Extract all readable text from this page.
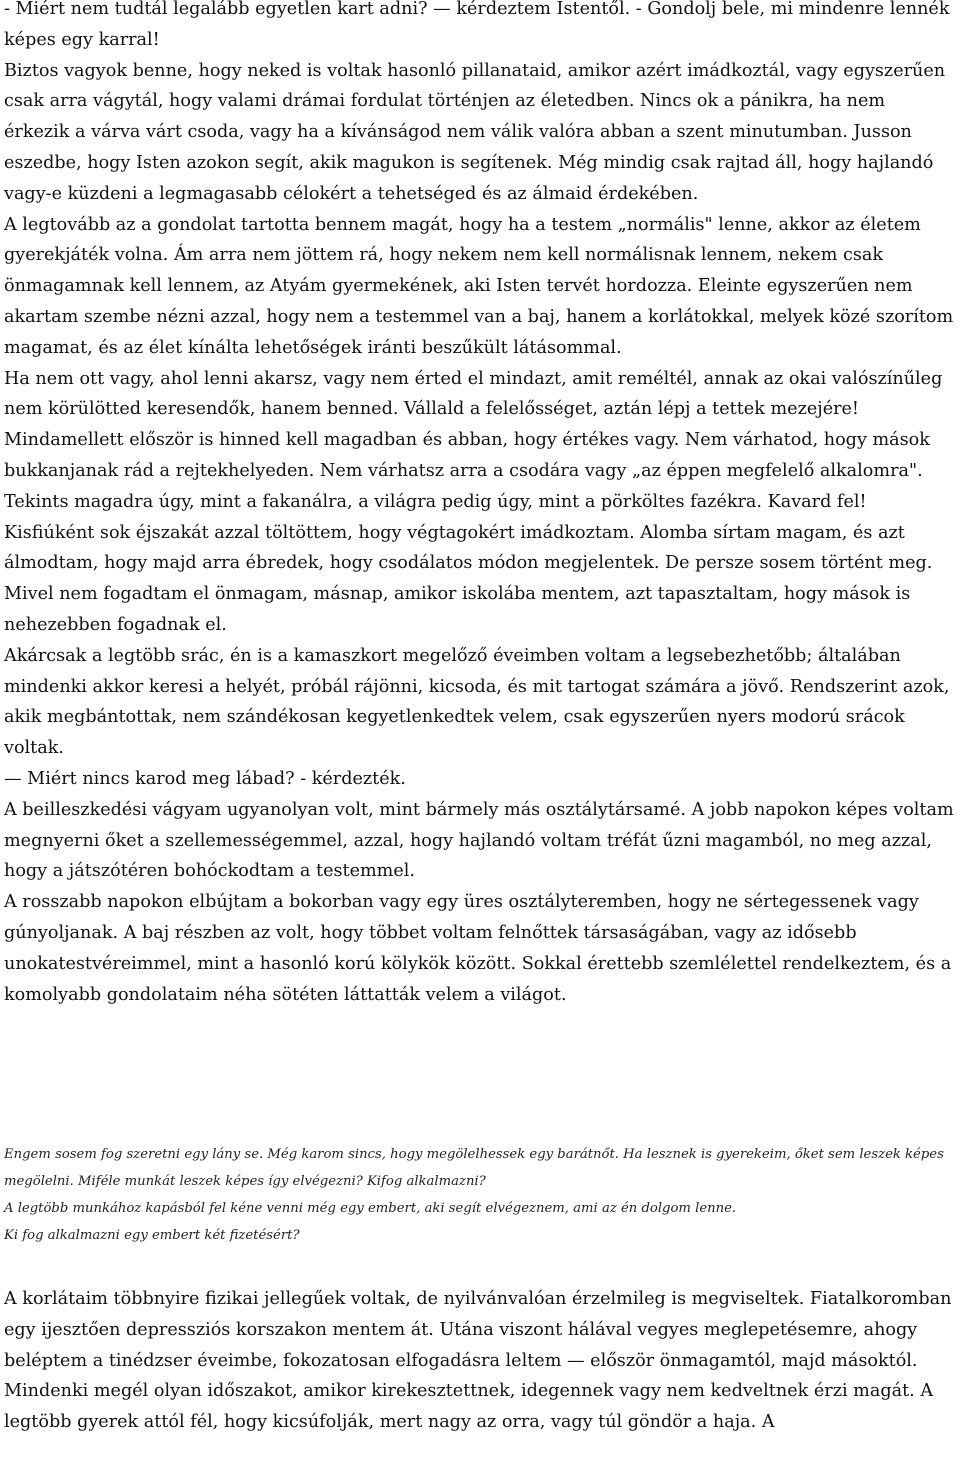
- Miért nem tudtál legalább egyetlen kart adni? — kérdeztem Istentől. - Gondolj bele, mi mindenre lennék képes egy karral!

Biztos vagyok benne, hogy neked is voltak hasonló pillanataid, amikor azért imádkoztál, vagy egyszerűen csak arra vágytál, hogy valami drámai fordulat történjen az életedben. Nincs ok a pánikra, ha nem érkezik a várva várt csoda, vagy ha a kívánságod nem válik valóra abban a szent minutumban. Jusson eszedbe, hogy Isten azokon segít, akik magukon is segítenek. Még mindig csak rajtad áll, hogy hajlandó vagy-e küzdeni a legmagasabb célokért a tehetséged és az álmaid érdekében.

A legtovább az a gondolat tartotta bennem magát, hogy ha a testem „normális" lenne, akkor az életem gyerekjáték volna. Ám arra nem jöttem rá, hogy nekem nem kell normálisnak lennem, nekem csak önmagamnak kell lennem, az Atyám gyermekének, aki Isten tervét hordozza. Eleinte egyszerűen nem akartam szembe nézni azzal, hogy nem a testemmel van a baj, hanem a korlátokkal, melyek közé szorítom magamat, és az élet kínálta lehetőségek iránti beszűkült látásommal.

Ha nem ott vagy, ahol lenni akarsz, vagy nem érted el mindazt, amit reméltél, annak az okai valószínűleg nem körülötted keresendők, hanem benned. Vállald a felelősséget, aztán lépj a tettek mezejére! Mindamellett először is hinned kell magadban és abban, hogy értékes vagy. Nem várhatod, hogy mások bukkanjanak rád a rejtekhelyeden. Nem várhatsz arra a csodára vagy „az éppen megfelelő alkalomra". Tekints magadra úgy, mint a fakanálra, a világra pedig úgy, mint a pörköltes fazékra. Kavard fel!

Kisfiúként sok éjszakát azzal töltöttem, hogy végtagokért imádkoztam. Alomba sírtam magam, és azt álmodtam, hogy majd arra ébredek, hogy csodálatos módon megjelentek. De persze sosem történt meg. Mivel nem fogadtam el önmagam, másnap, amikor iskolába mentem, azt tapasztaltam, hogy mások is nehezebben fogadnak el.

Akárcsak a legtöbb srác, én is a kamaszkort megelőző éveimben voltam a legsebezhetőbb; általában mindenki akkor keresi a helyét, próbál rájönni, kicsoda, és mit tartogat számára a jövő. Rendszerint azok, akik megbántottak, nem szándékosan kegyetlenkedtek velem, csak egyszerűen nyers modorú srácok voltak.

— Miért nincs karod meg lábad? - kérdezték.

A beilleszkedési vágyam ugyanolyan volt, mint bármely más osztálytársamé. A jobb napokon képes voltam megnyerni őket a szellemességemmel, azzal, hogy hajlandó voltam tréfát űzni magamból, no meg azzal, hogy a játszótéren bohóckodtam a testemmel.

A rosszabb napokon elbújtam a bokorban vagy egy üres osztályteremben, hogy ne sértegessenek vagy gúnyoljanak. A baj részben az volt, hogy többet voltam felnőttek társaságában, vagy az idősebb unokatestvéreimmel, mint a hasonló korú kölykök között. Sokkal érettebb szemlélettel rendelkeztem, és a komolyabb gondolataim néha sötéten láttatták velem a világot.

Engem sosem fog szeretni egy lány se. Még karom sincs, hogy megölelhessek egy barátnőt. Ha lesznek is gyerekeim, őket sem leszek képes megölelni. Miféle munkát leszek képes így elvégezni? Kifog alkalmazni?

A legtöbb munkához kapásból fel kéne venni még egy embert, aki segít elvégeznem, ami az én dolgom lenne.

Ki fog alkalmazni egy embert két fizetésért?

A korlátaim többnyire fizikai jellegűek voltak, de nyilvánvalóan érzelmileg is megviseltek. Fiatalkoromban egy ijesztően depressziós korszakon mentem át. Utána viszont hálával vegyes meglepetésemre, ahogy beléptem a tinédzser éveimbe, fokozatosan elfogadásra leltem — először önmagamtól, majd másoktól.

Mindenki megél olyan időszakot, amikor kirekesztettnek, idegennek vagy nem kedveltnek érzi magát. A legtöbb gyerek attól fél, hogy kicsúfolják, mert nagy az orra, vagy túl göndör a haja. A
